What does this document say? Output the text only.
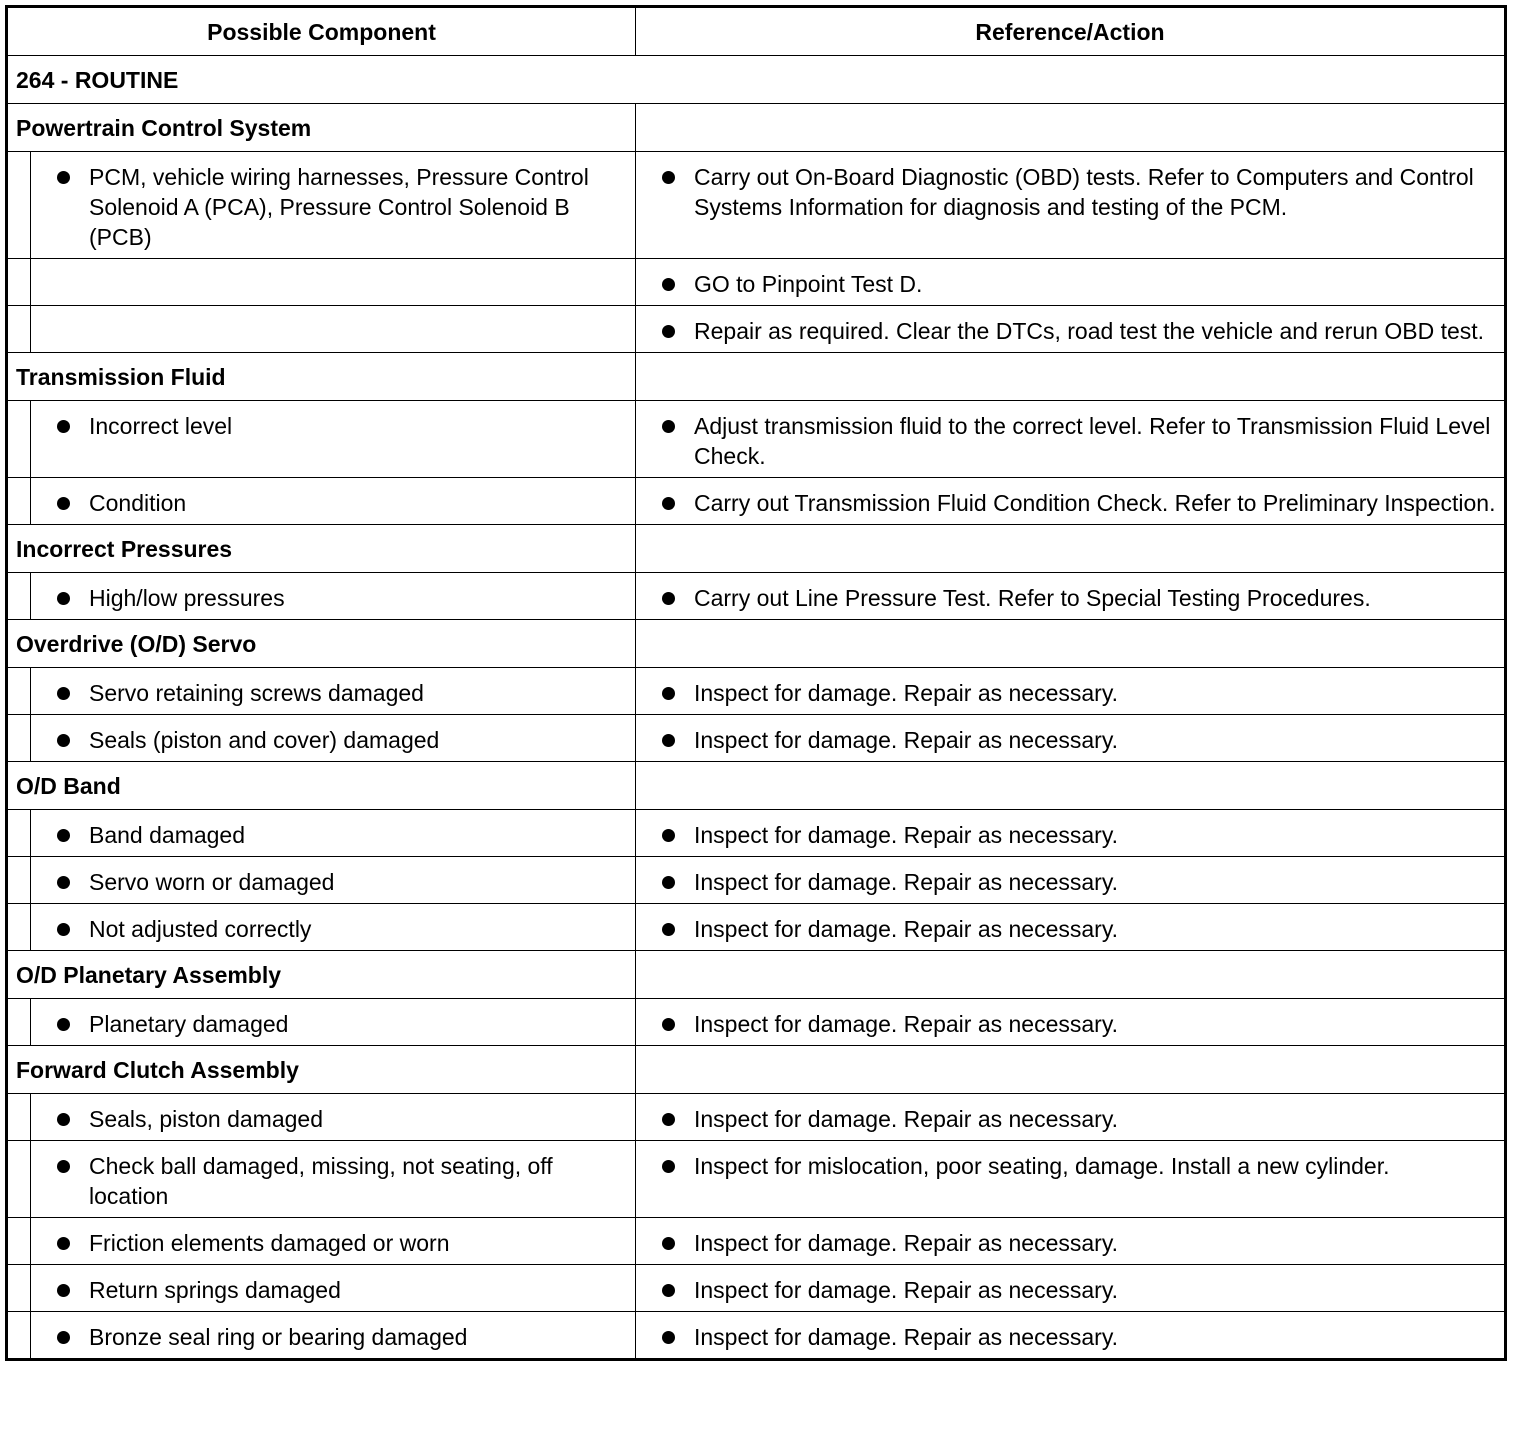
Possible Component		Reference/Action
264 - ROUTINE		
Powertrain Control System		

	PCM, vehicle wiring harnesses, Pressure Control Solenoid A (PCA), Pressure Control Solenoid B (PCB)	Carry out On-Board Diagnostic (OBD) tests. Refer to Computers and Control Systems Information for diagnosis and testing of the PCM.

		GO to Pinpoint Test D.

		Repair as required. Clear the DTCs, road test the vehicle and rerun OBD test.

Transmission Fluid		

	Incorrect level	Adjust transmission fluid to the correct level. Refer to Transmission Fluid Level Check.

	Condition	Carry out Transmission Fluid Condition Check. Refer to Preliminary Inspection.

Incorrect Pressures		

	High/low pressures	Carry out Line Pressure Test. Refer to Special Testing Procedures.

Overdrive (O/D) Servo		

	Servo retaining screws damaged	Inspect for damage. Repair as necessary.

	Seals (piston and cover) damaged	Inspect for damage. Repair as necessary.

O/D Band		

	Band damaged	Inspect for damage. Repair as necessary.

	Servo worn or damaged	Inspect for damage. Repair as necessary.

	Not adjusted correctly	Inspect for damage. Repair as necessary.

O/D Planetary Assembly		

	Planetary damaged	Inspect for damage. Repair as necessary.

Forward Clutch Assembly		

	Seals, piston damaged	Inspect for damage. Repair as necessary.

	Check ball damaged, missing, not seating, off location	Inspect for mislocation, poor seating, damage. Install a new cylinder.

	Friction elements damaged or worn	Inspect for damage. Repair as necessary.

	Return springs damaged	Inspect for damage. Repair as necessary.

	Bronze seal ring or bearing damaged	Inspect for damage. Repair as necessary.
